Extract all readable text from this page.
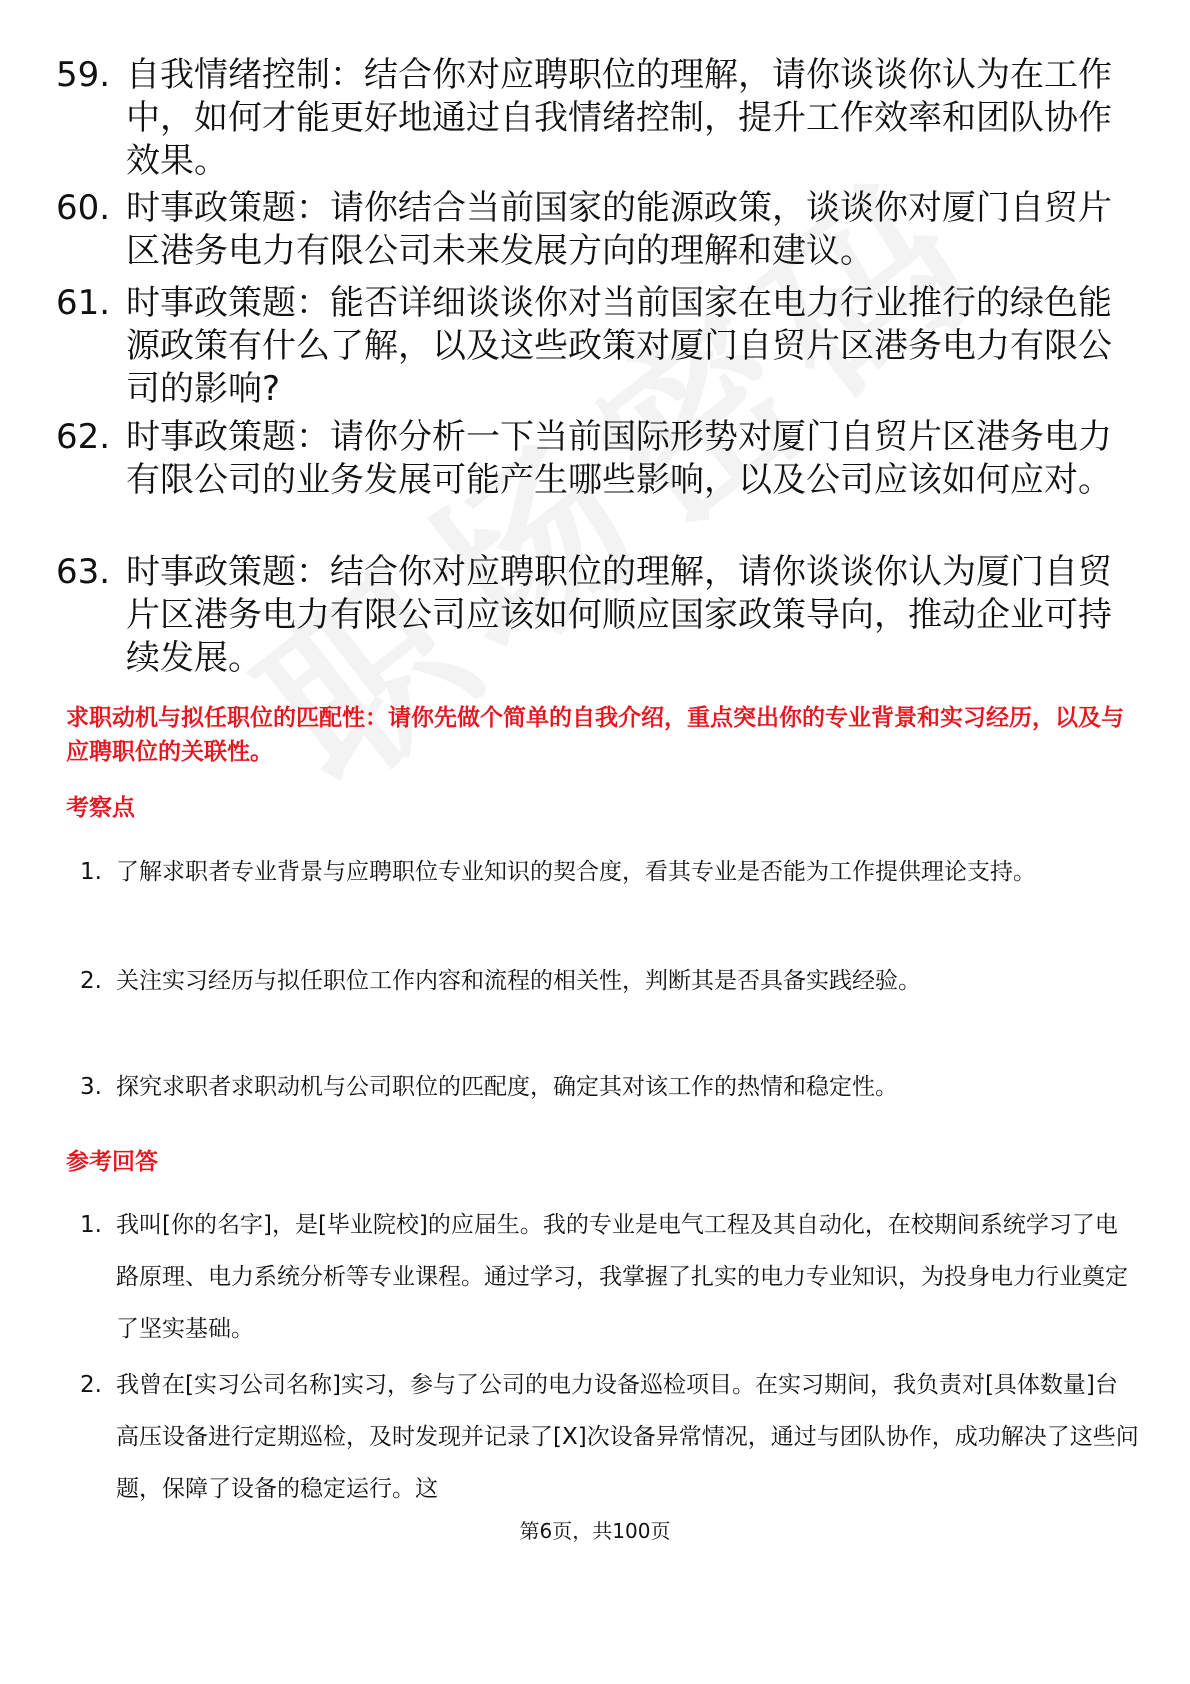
59. 自我情绪控制：结合你对应聘职位的理解，请你谈谈你认为在工作中，如何才能更好地通过自我情绪控制，提升工作效率和团队协作效果。
60. 时事政策题：请你结合当前国家的能源政策，谈谈你对厦门自贸片区港务电力有限公司未来发展方向的理解和建议。
61. 时事政策题：能否详细谈谈你对当前国家在电力行业推行的绿色能源政策有什么了解，以及这些政策对厦门自贸片区港务电力有限公司的影响?
62. 时事政策题：请你分析一下当前国际形势对厦门自贸片区港务电力有限公司的业务发展可能产生哪些影响，以及公司应该如何应对。
63. 时事政策题：结合你对应聘职位的理解，请你谈谈你认为厦门自贸片区港务电力有限公司应该如何顺应国家政策导向，推动企业可持续发展。
求职动机与拟任职位的匹配性：请你先做个简单的自我介绍，重点突出你的专业背景和实习经历，以及与应聘职位的关联性。
考察点
1. 了解求职者专业背景与应聘职位专业知识的契合度，看其专业是否能为工作提供理论支持。
2. 关注实习经历与拟任职位工作内容和流程的相关性，判断其是否具备实践经验。
3. 探究求职者求职动机与公司职位的匹配度，确定其对该工作的热情和稳定性。
参考回答
1. 我叫[你的名字]，是[毕业院校]的应届生。我的专业是电气工程及其自动化，在校期间系统学习了电路原理、电力系统分析等专业课程。通过学习，我掌握了扎实的电力专业知识，为投身电力行业奠定了坚实基础。
2. 我曾在[实习公司名称]实习，参与了公司的电力设备巡检项目。在实习期间，我负责对[具体数量]台高压设备进行定期巡检，及时发现并记录了[X]次设备异常情况，通过与团队协作，成功解决了这些问题，保障了设备的稳定运行。这
第6页，共100页
